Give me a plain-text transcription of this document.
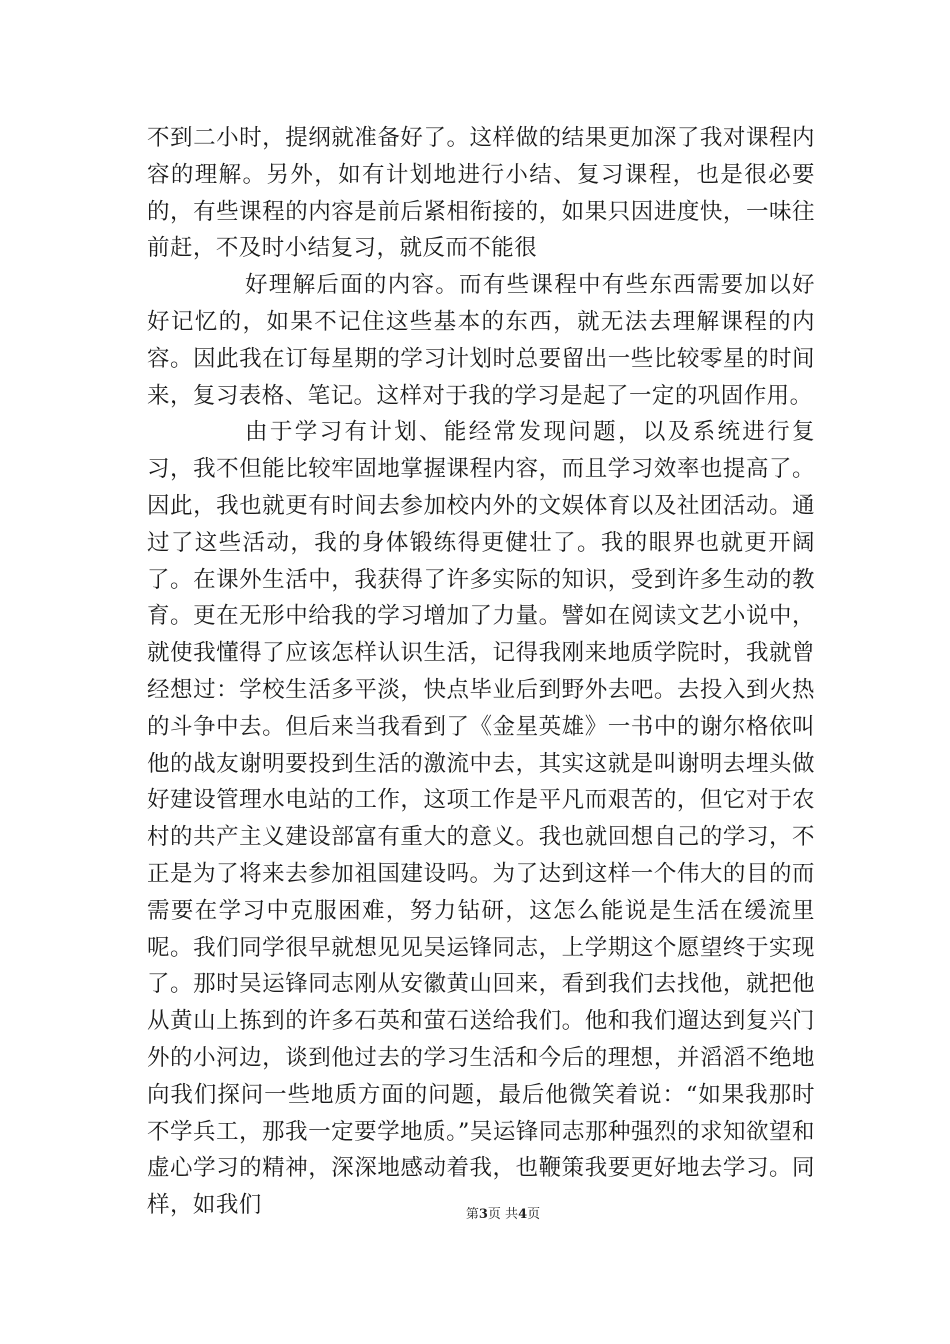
不到二小时，提纲就准备好了。这样做的结果更加深了我对课程内容的理解。另外，如有计划地进行小结、复习课程，也是很必要的，有些课程的内容是前后紧相衔接的，如果只因进度快，一味往前赶，不及时小结复习，就反而不能很

好理解后面的内容。而有些课程中有些东西需要加以好好记忆的，如果不记住这些基本的东西，就无法去理解课程的内容。因此我在订每星期的学习计划时总要留出一些比较零星的时间来，复习表格、笔记。这样对于我的学习是起了一定的巩固作用。

由于学习有计划、能经常发现问题，以及系统进行复习，我不但能比较牢固地掌握课程内容，而且学习效率也提高了。因此，我也就更有时间去参加校内外的文娱体育以及社团活动。通过了这些活动，我的身体锻练得更健壮了。我的眼界也就更开阔了。在课外生活中，我获得了许多实际的知识，受到许多生动的教育。更在无形中给我的学习增加了力量。譬如在阅读文艺小说中，就使我懂得了应该怎样认识生活，记得我刚来地质学院时，我就曾经想过：学校生活多平淡，快点毕业后到野外去吧。去投入到火热的斗争中去。但后来当我看到了《金星英雄》一书中的谢尔格依叫他的战友谢明要投到生活的激流中去，其实这就是叫谢明去埋头做好建设管理水电站的工作，这项工作是平凡而艰苦的，但它对于农村的共产主义建设部富有重大的意义。我也就回想自己的学习，不正是为了将来去参加祖国建设吗。为了达到这样一个伟大的目的而需要在学习中克服困难，努力钻研，这怎么能说是生活在缓流里呢。我们同学很早就想见见吴运锋同志，上学期这个愿望终于实现了。那时吴运锋同志刚从安徽黄山回来，看到我们去找他，就把他从黄山上拣到的许多石英和萤石送给我们。他和我们遛达到复兴门外的小河边，谈到他过去的学习生活和今后的理想，并滔滔不绝地向我们探问一些地质方面的问题，最后他微笑着说：“如果我那时不学兵工，那我一定要学地质。”吴运锋同志那种强烈的求知欲望和虚心学习的精神，深深地感动着我，也鞭策我要更好地去学习。同样，如我们	第3页 共4页
